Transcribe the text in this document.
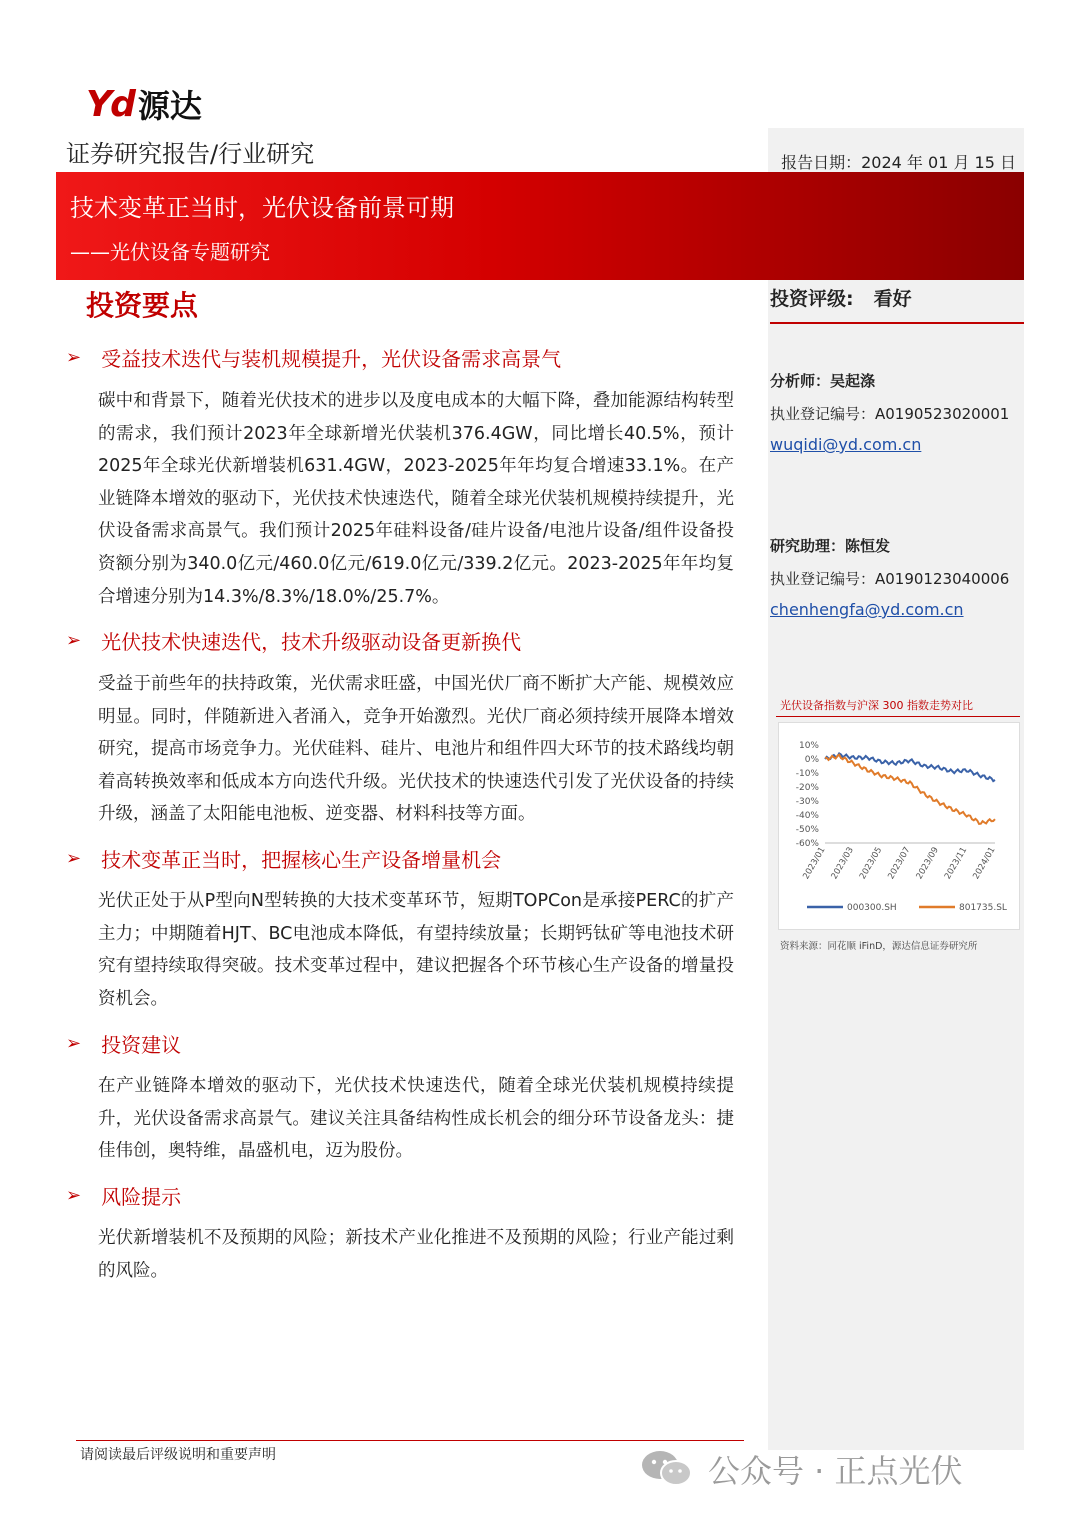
Yd 源达
证券研究报告/行业研究	报告日期：2024 年 01 月 15 日
技术变革正当时，光伏设备前景可期
——光伏设备专题研究
投资评级: 看好
分析师：吴起涤
执业登记编号：A0190523020001
wuqidi@yd.com.cn
研究助理：陈恒发
执业登记编号：A0190123040006
chenhengfa@yd.com.cn
光伏设备指数与沪深 300 指数走势对比
10%
0%
-10%
-20%
-30%
-40%
-50%
-60%
2023/01 2023/03 2023/05 2023/07 2023/09 2023/11 2024/01
000300.SH	801735.SL
资料来源：同花顺 iFinD，源达信息证券研究所
投资要点
➢ 受益技术迭代与装机规模提升，光伏设备需求高景气
碳中和背景下，随着光伏技术的进步以及度电成本的大幅下降，叠加能源结构转型的需求，我们预计2023年全球新增光伏装机376.4GW，同比增长40.5%，预计2025年全球光伏新增装机631.4GW，2023-2025年年均复合增速33.1%。在产业链降本增效的驱动下，光伏技术快速迭代，随着全球光伏装机规模持续提升，光伏设备需求高景气。我们预计2025年硅料设备/硅片设备/电池片设备/组件设备投资额分别为340.0亿元/460.0亿元/619.0亿元/339.2亿元。2023-2025年年均复合增速分别为14.3%/8.3%/18.0%/25.7%。
➢ 光伏技术快速迭代，技术升级驱动设备更新换代
受益于前些年的扶持政策，光伏需求旺盛，中国光伏厂商不断扩大产能、规模效应明显。同时，伴随新进入者涌入，竞争开始激烈。光伏厂商必须持续开展降本增效研究，提高市场竞争力。光伏硅料、硅片、电池片和组件四大环节的技术路线均朝着高转换效率和低成本方向迭代升级。光伏技术的快速迭代引发了光伏设备的持续升级，涵盖了太阳能电池板、逆变器、材料科技等方面。
➢ 技术变革正当时，把握核心生产设备增量机会
光伏正处于从P型向N型转换的大技术变革环节，短期TOPCon是承接PERC的扩产主力；中期随着HJT、BC电池成本降低，有望持续放量；长期钙钛矿等电池技术研究有望持续取得突破。技术变革过程中，建议把握各个环节核心生产设备的增量投资机会。
➢ 投资建议
在产业链降本增效的驱动下，光伏技术快速迭代，随着全球光伏装机规模持续提升，光伏设备需求高景气。建议关注具备结构性成长机会的细分环节设备龙头：捷佳伟创，奥特维，晶盛机电，迈为股份。
➢ 风险提示
光伏新增装机不及预期的风险；新技术产业化推进不及预期的风险；行业产能过剩的风险。
请阅读最后评级说明和重要声明	公众号 · 正点光伏
